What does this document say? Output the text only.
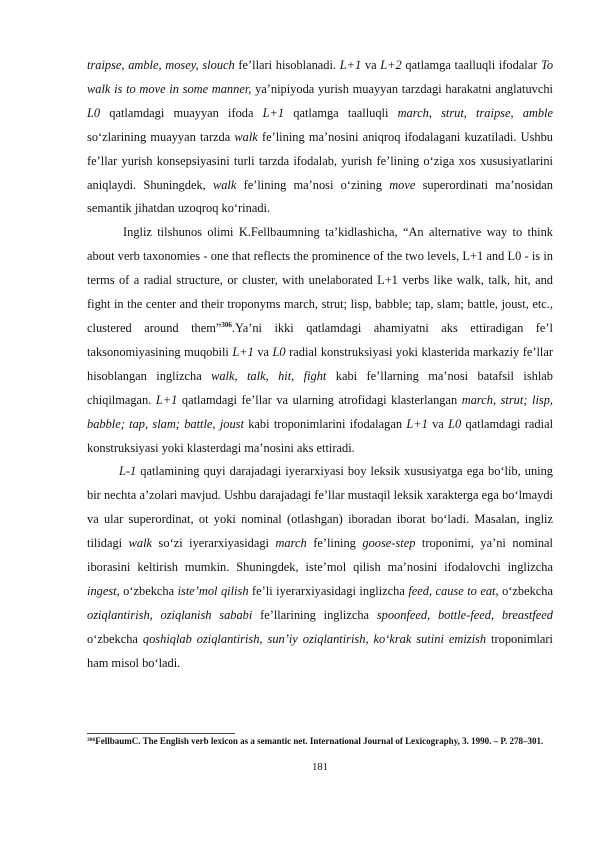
traipse, amble, mosey, slouch fe’llari hisoblanadi. L+1 va L+2 qatlamga taalluqli ifodalar To walk is to move in some manner, ya’nipiyoda yurish muayyan tarzdagi harakatni anglatuvchi L0 qatlamdagi muayyan ifoda L+1 qatlamga taalluqli march, strut, traipse, amble so‘zlarining muayyan tarzda walk fe’lining ma’nosini aniqroq ifodalagani kuzatiladi. Ushbu fe’llar yurish konsepsiyasini turli tarzda ifodalab, yurish fe’lining o‘ziga xos xususiyatlarini aniqlaydi. Shuningdek, walk fe’lining ma’nosi o‘zining move superordinati ma’nosidan semantik jihatdan uzoqroq ko‘rinadi.

Ingliz tilshunos olimi K.Fellbaumning ta’kidlashicha, “An alternative way to think about verb taxonomies - one that reflects the prominence of the two levels, L+1 and L0 - is in terms of a radial structure, or cluster, with unelaborated L+1 verbs like walk, talk, hit, and fight in the center and their troponyms march, strut; lisp, babble; tap, slam; battle, joust, etc., clustered around them”$^{306}$.Ya’ni ikki qatlamdagi ahamiyatni aks ettiradigan fe’l taksonomiyasining muqobili L+1 va L0 radial konstruksiyasi yoki klasterida markaziy fe’llar hisoblangan inglizcha walk, talk, hit, fight kabi fe’llarning ma’nosi batafsil ishlab chiqilmagan. L+1 qatlamdagi fe’llar va ularning atrofidagi klasterlangan march, strut; lisp, babble; tap, slam; battle, joust kabi troponimlarini ifodalagan L+1 va L0 qatlamdagi radial konstruksiyasi yoki klasterdagi ma’nosini aks ettiradi.

L-1 qatlamining quyi darajadagi iyerarxiyasi boy leksik xususiyatga ega bo‘lib, uning bir nechta a’zolari mavjud. Ushbu darajadagi fe’llar mustaqil leksik xarakterga ega bo‘lmaydi va ular superordinat, ot yoki nominal (otlashgan) iboradan iborat bo‘ladi. Masalan, ingliz tilidagi walk so‘zi iyerarxiyasidagi march fe’lining goose-step troponimi, ya’ni nominal iborasini keltirish mumkin. Shuningdek, iste’mol qilish ma’nosini ifodalovchi inglizcha ingest, o‘zbekcha iste’mol qilish fe’li iyerarxiyasidagi inglizcha feed, cause to eat, o‘zbekcha oziqlantirish, oziqlanish sababi fe’llarining inglizcha spoonfeed, bottle-feed, breastfeed o‘zbekcha qoshiqlab oziqlantirish, sun’iy oziqlantirish, ko‘krak sutini emizish troponimlari ham misol bo‘ladi.

$^{306}$FellbaumC. The English verb lexicon as a semantic net. International Journal of Lexicography, 3. 1990. – P. 278–301.
181
